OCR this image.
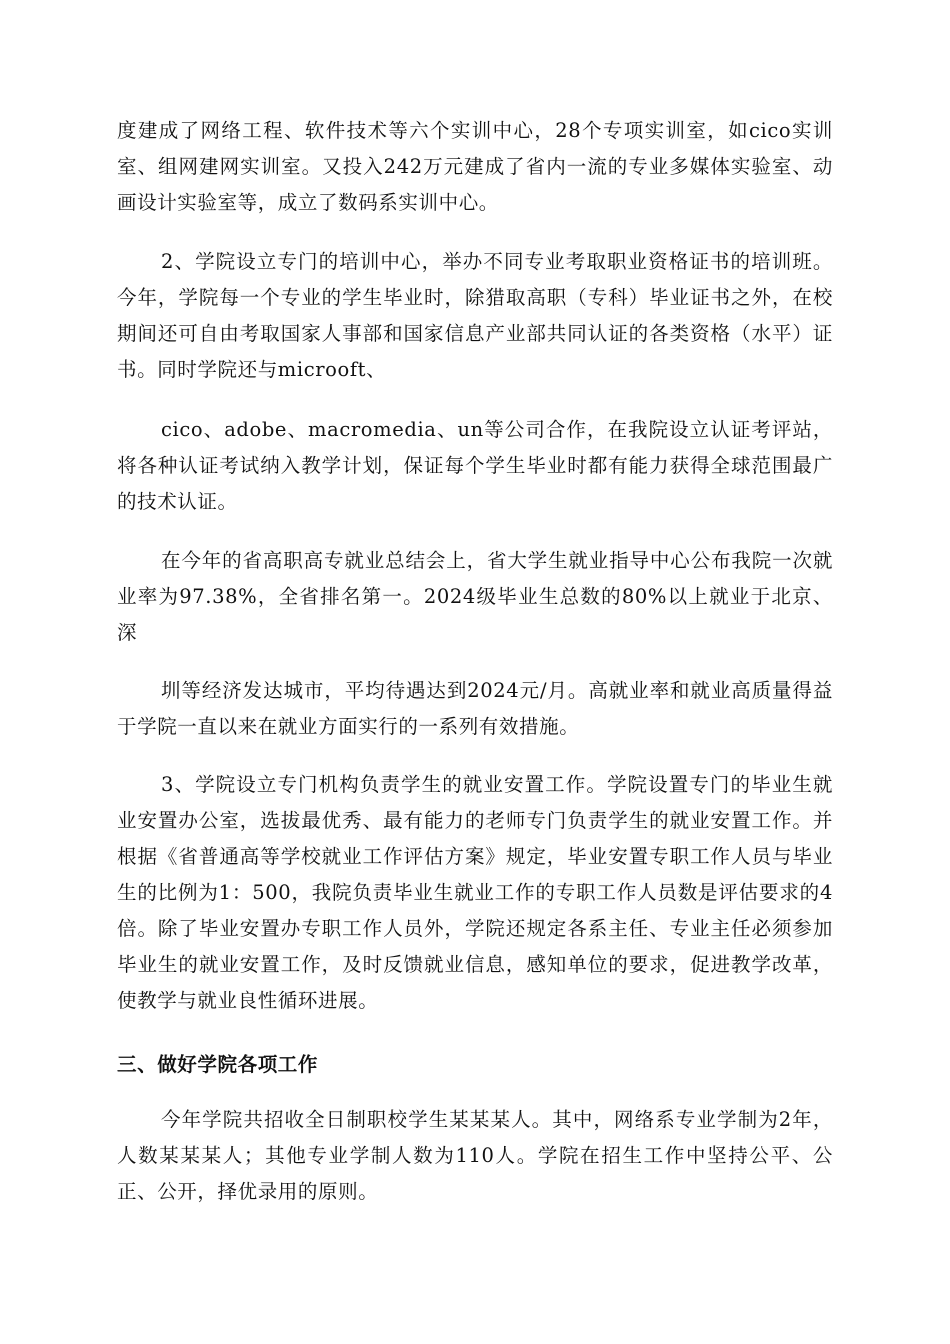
度建成了网络工程、软件技术等六个实训中心，28个专项实训室，如cico实训室、组网建网实训室。又投入242万元建成了省内一流的专业多媒体实验室、动画设计实验室等，成立了数码系实训中心。

2、学院设立专门的培训中心，举办不同专业考取职业资格证书的培训班。今年，学院每一个专业的学生毕业时，除猎取高职（专科）毕业证书之外，在校期间还可自由考取国家人事部和国家信息产业部共同认证的各类资格（水平）证书。同时学院还与microoft、

cico、adobe、macromedia、un等公司合作，在我院设立认证考评站，将各种认证考试纳入教学计划，保证每个学生毕业时都有能力获得全球范围最广的技术认证。

在今年的省高职高专就业总结会上，省大学生就业指导中心公布我院一次就业率为97.38%，全省排名第一。2024级毕业生总数的80%以上就业于北京、深

圳等经济发达城市，平均待遇达到2024元/月。高就业率和就业高质量得益于学院一直以来在就业方面实行的一系列有效措施。

3、学院设立专门机构负责学生的就业安置工作。学院设置专门的毕业生就业安置办公室，选拔最优秀、最有能力的老师专门负责学生的就业安置工作。并根据《省普通高等学校就业工作评估方案》规定，毕业安置专职工作人员与毕业生的比例为1：500，我院负责毕业生就业工作的专职工作人员数是评估要求的4倍。除了毕业安置办专职工作人员外，学院还规定各系主任、专业主任必须参加毕业生的就业安置工作，及时反馈就业信息，感知单位的要求，促进教学改革，使教学与就业良性循环进展。

三、做好学院各项工作

今年学院共招收全日制职校学生某某某人。其中，网络系专业学制为2年，人数某某某人；其他专业学制人数为110人。学院在招生工作中坚持公平、公正、公开，择优录用的原则。
